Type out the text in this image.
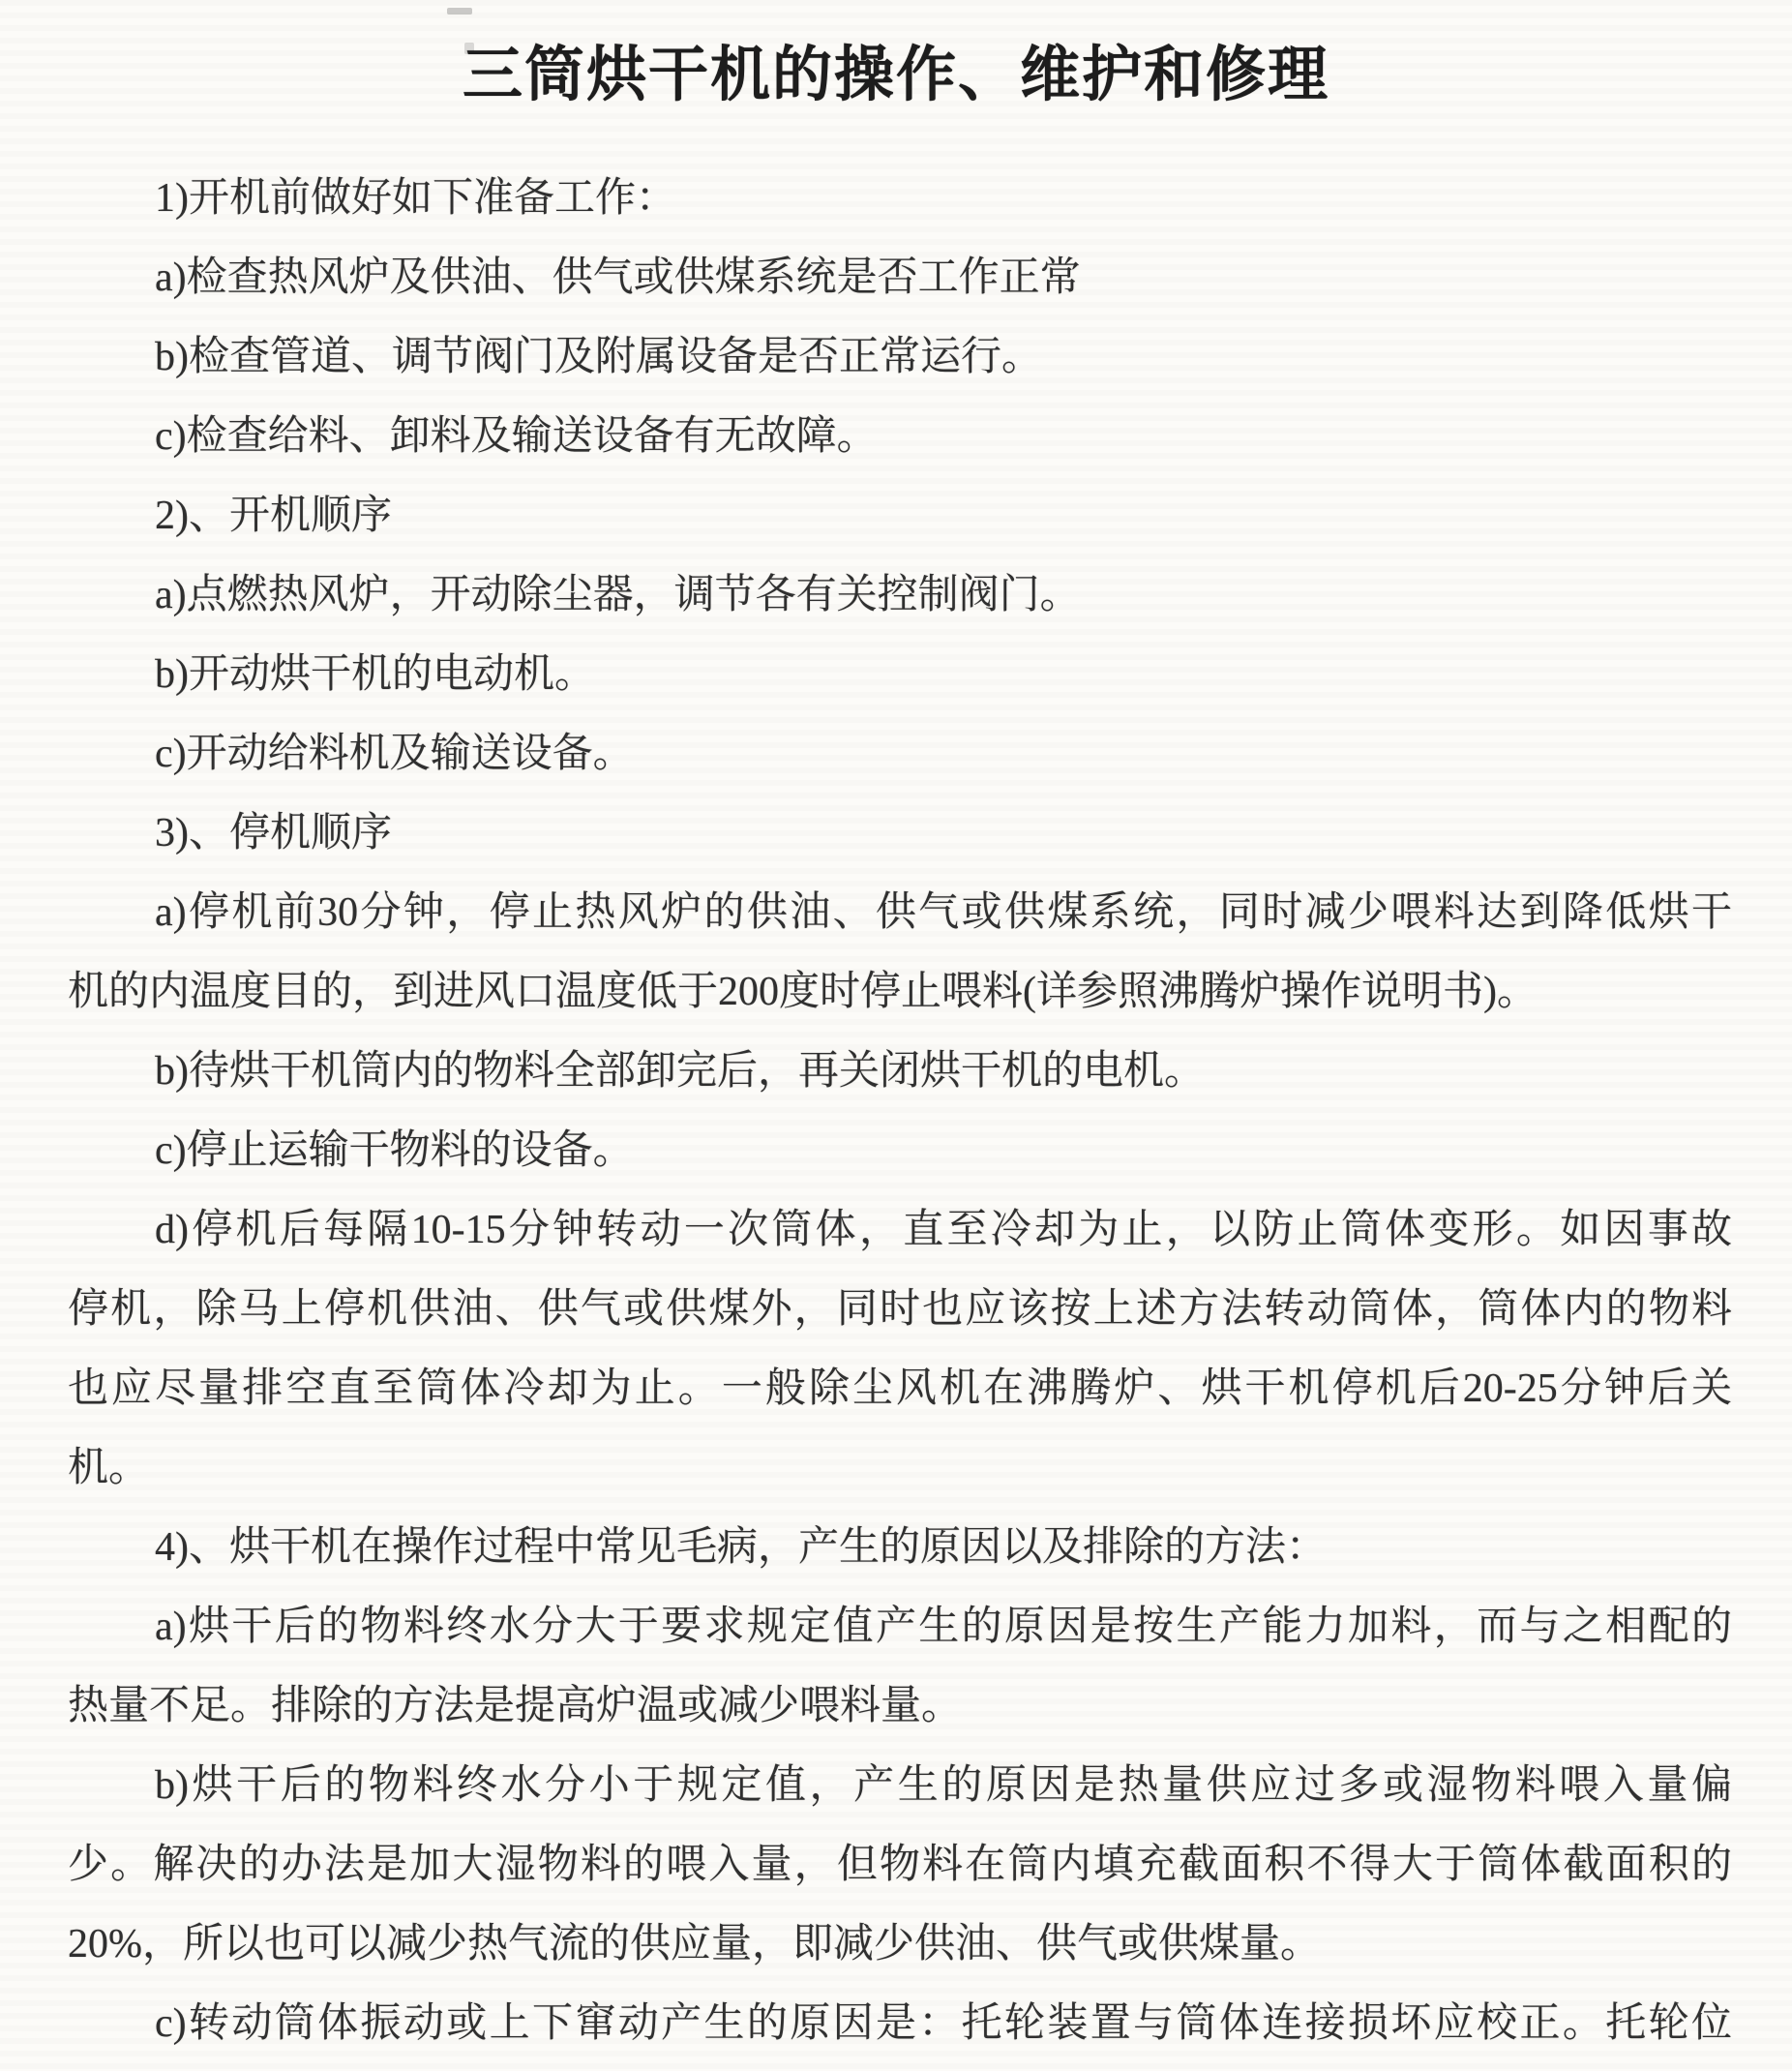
三筒烘干机的操作、维护和修理
1)开机前做好如下准备工作：
a)检查热风炉及供油、供气或供煤系统是否工作正常
b)检查管道、调节阀门及附属设备是否正常运行。
c)检查给料、卸料及输送设备有无故障。
2)、开机顺序
a)点燃热风炉，开动除尘器，调节各有关控制阀门。
b)开动烘干机的电动机。
c)开动给料机及输送设备。
3)、停机顺序
a)停机前30分钟，停止热风炉的供油、供气或供煤系统，同时减少喂料达到降低烘干
机的内温度目的，到进风口温度低于200度时停止喂料(详参照沸腾炉操作说明书)。
b)待烘干机筒内的物料全部卸完后，再关闭烘干机的电机。
c)停止运输干物料的设备。
d)停机后每隔10-15分钟转动一次筒体，直至冷却为止，以防止筒体变形。如因事故
停机，除马上停机供油、供气或供煤外，同时也应该按上述方法转动筒体，筒体内的物料
也应尽量排空直至筒体冷却为止。一般除尘风机在沸腾炉、烘干机停机后20-25分钟后关
机。
4)、烘干机在操作过程中常见毛病，产生的原因以及排除的方法：
a)烘干后的物料终水分大于要求规定值产生的原因是按生产能力加料，而与之相配的
热量不足。排除的方法是提高炉温或减少喂料量。
b)烘干后的物料终水分小于规定值，产生的原因是热量供应过多或湿物料喂入量偏
少。解决的办法是加大湿物料的喂入量，但物料在筒内填充截面积不得大于筒体截面积的
20%，所以也可以减少热气流的供应量，即减少供油、供气或供煤量。
c)转动筒体振动或上下窜动产生的原因是：托轮装置与筒体连接损坏应校正。托轮位
